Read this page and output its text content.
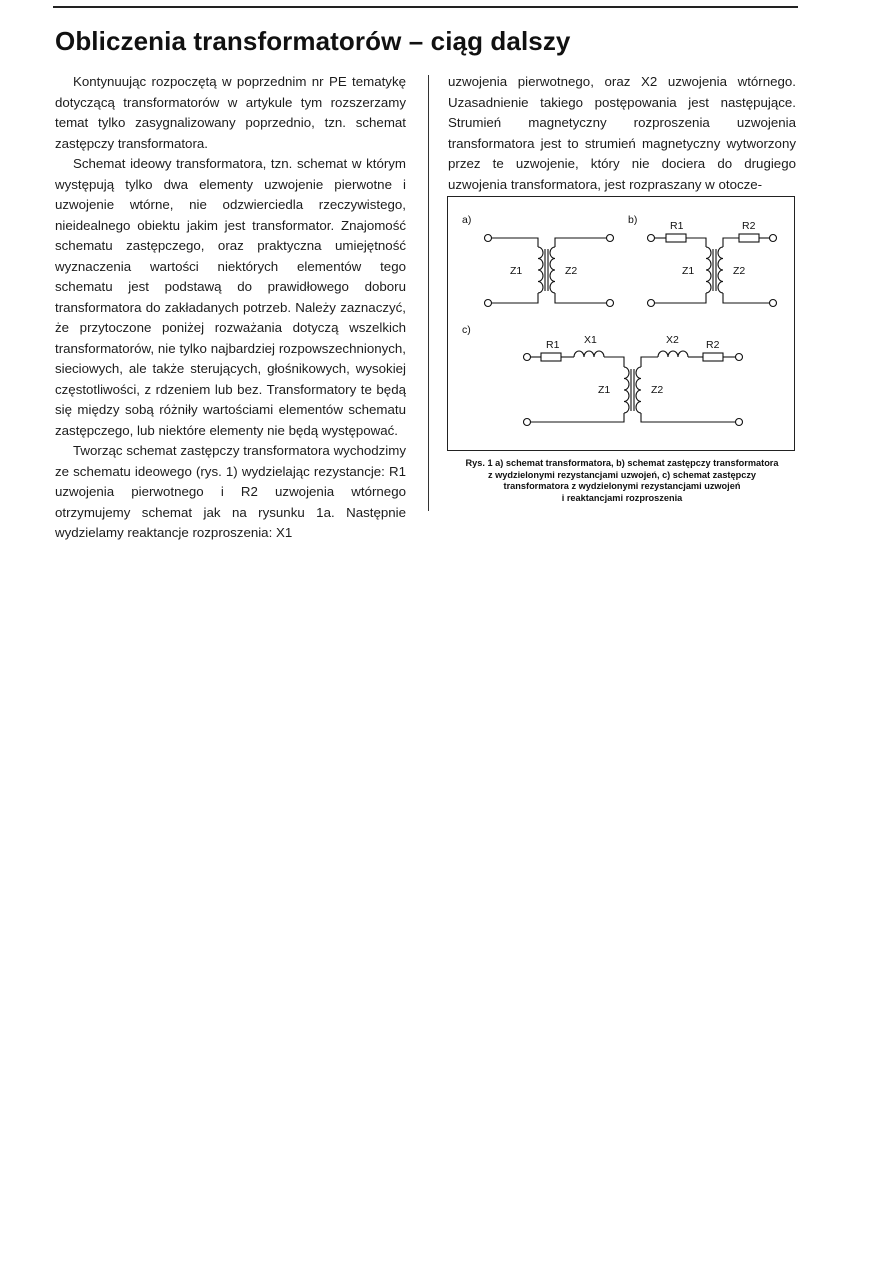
Obliczenia transformatorów – ciąg dalszy

Kontynuując rozpoczętą w poprzednim nr PE tematykę dotyczącą transformatorów w artykule tym rozszerzamy temat tylko zasygnalizowany poprzednio, tzn. schemat zastępczy transformatora.

Schemat ideowy transformatora, tzn. schemat w którym występują tylko dwa elementy uzwojenie pierwotne i uzwojenie wtórne, nie odzwierciedla rzeczywistego, nieidealnego obiektu jakim jest transformator. Znajomość schematu zastępczego, oraz praktyczna umiejętność wyznaczenia wartości niektórych elementów tego schematu jest podstawą do prawidłowego doboru transformatora do zakładanych potrzeb. Należy zaznaczyć, że przytoczone poniżej rozważania dotyczą wszelkich transformatorów, nie tylko najbardziej rozpowszechnionych, sieciowych, ale także sterujących, głośnikowych, wysokiej częstotliwości, z rdzeniem lub bez. Transformatory te będą się między sobą różniły wartościami elementów schematu zastępczego, lub niektóre elementy nie będą występować.

Tworząc schemat zastępczy transformatora wychodzimy ze schematu ideowego (rys. 1) wydzielając rezystancje: R1 uzwojenia pierwotnego i R2 uzwojenia wtórnego otrzymujemy schemat jak na rysunku 1a. Następnie wydzielamy reaktancje rozproszenia: X1

uzwojenia pierwotnego, oraz X2 uzwojenia wtórnego. Uzasadnienie takiego postępowania jest następujące. Strumień magnetyczny rozproszenia uzwojenia transformatora jest to strumień magnetyczny wytworzony przez te uzwojenie, który nie dociera do drugiego uzwojenia transformatora, jest rozpraszany w otocze-

a)
Z1	Z2
b)	R1	R2
Z1	Z2
c)
R1 X1	X2	R2
Z1	Z2
Rys. 1 a) schemat transformatora, b) schemat zastępczy transformatora
z wydzielonymi rezystancjami uzwojeń, c) schemat zastępczy
transformatora z wydzielonymi rezystancjami uzwojeń
i reaktancjami rozproszenia
